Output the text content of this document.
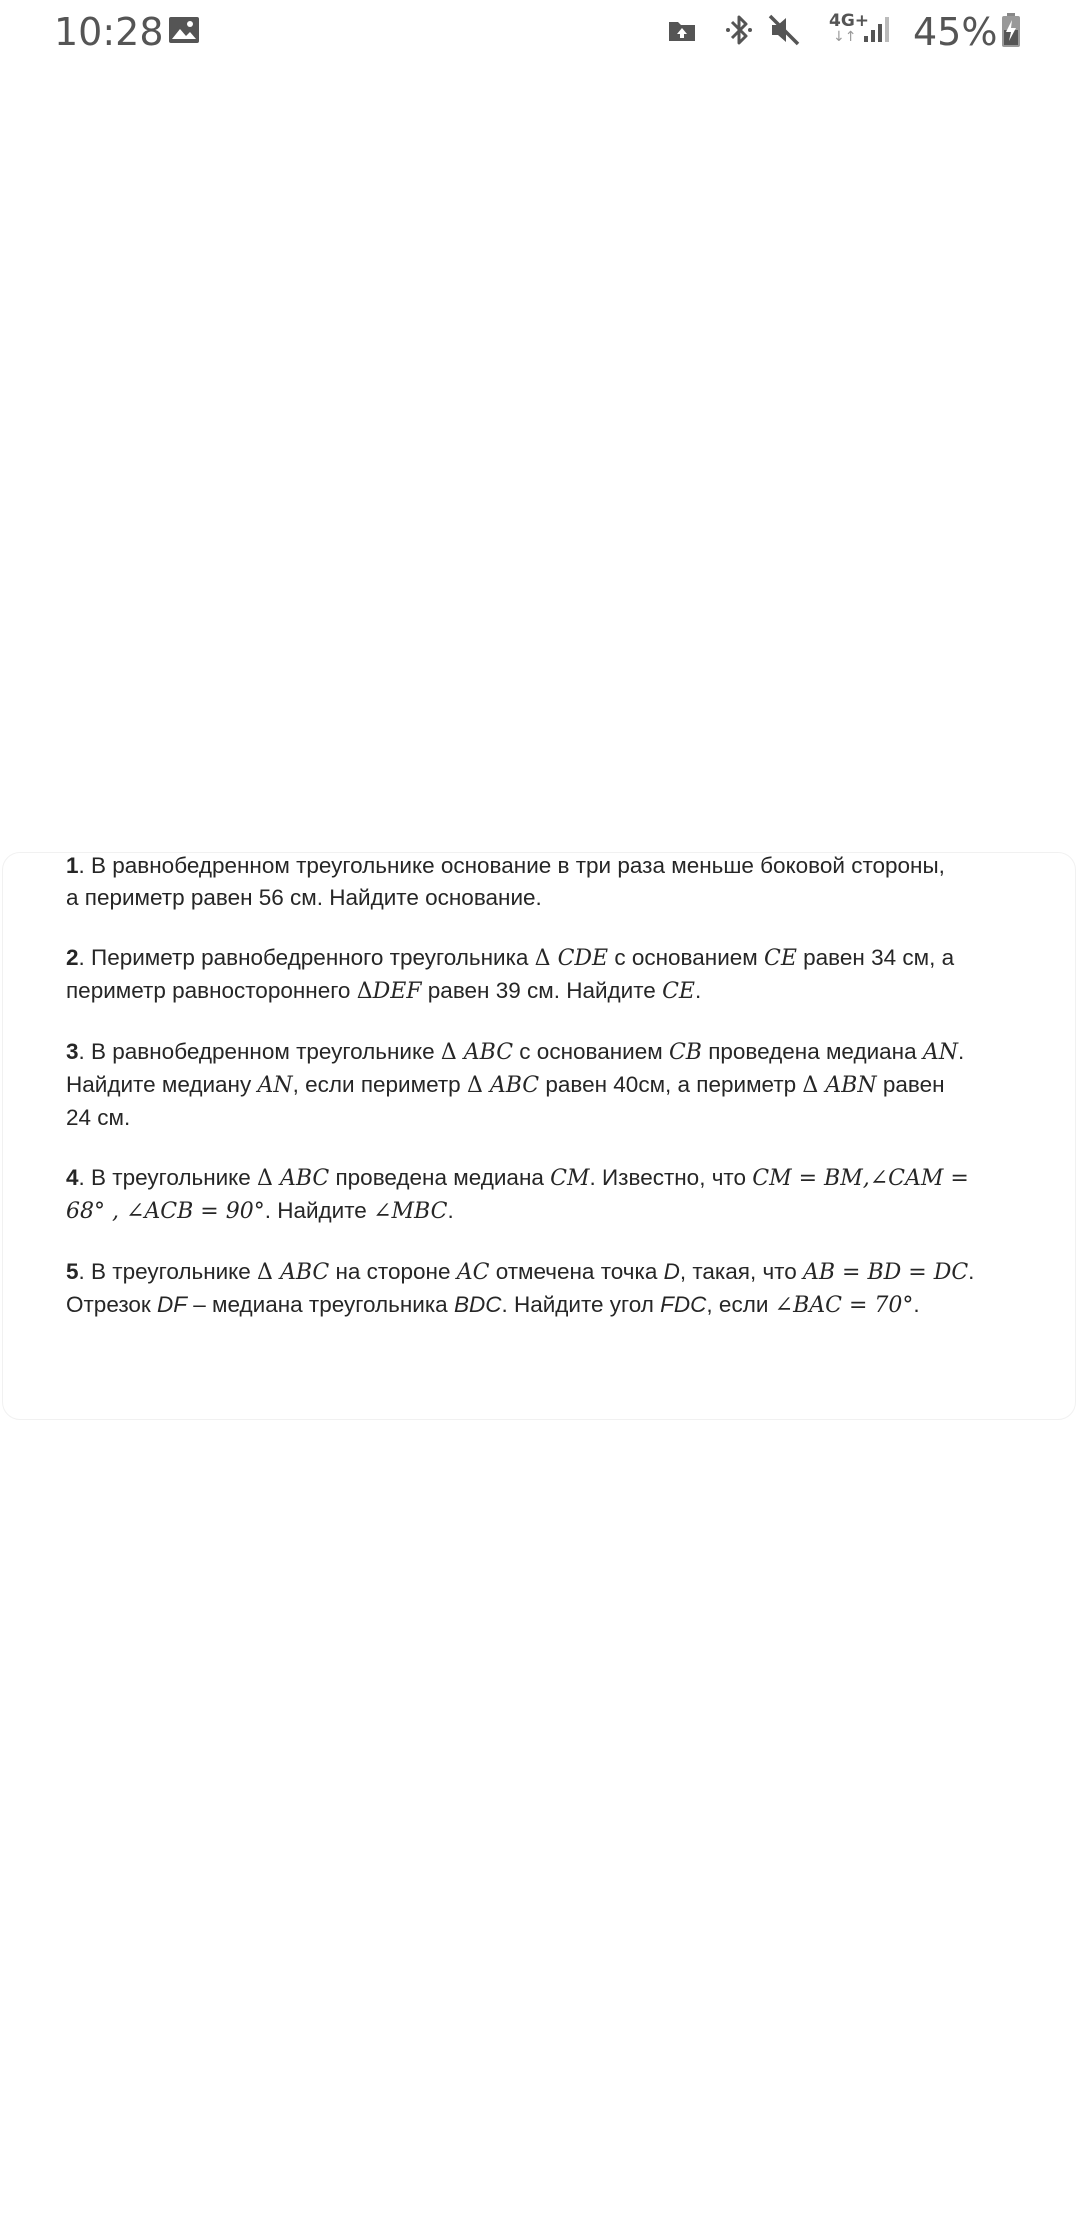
10:28	4G+
↓↑ 45%
1. В равнобедренном треугольнике основание в три раза меньше боковой стороны,
а периметр равен 56 см. Найдите основание.
2. Периметр равнобедренного треугольника Δ CDE с основанием CE равен 34 см, а
периметр равностороннего ΔDEF равен 39 см. Найдите CE.
3. В равнобедренном треугольнике Δ ABC с основанием CB проведена медиана AN.
Найдите медиану AN, если периметр Δ ABC равен 40см, а периметр Δ ABN равен
24 см.
4. В треугольнике Δ ABC проведена медиана CM. Известно, что CM = BM,∠CAM =
68° , ∠ACB = 90°. Найдите ∠MBC.
5. В треугольнике Δ ABC на стороне AC отмечена точка D, такая, что AB = BD = DC.
Отрезок DF – медиана треугольника BDC. Найдите угол FDC, если ∠BAC = 70°.
